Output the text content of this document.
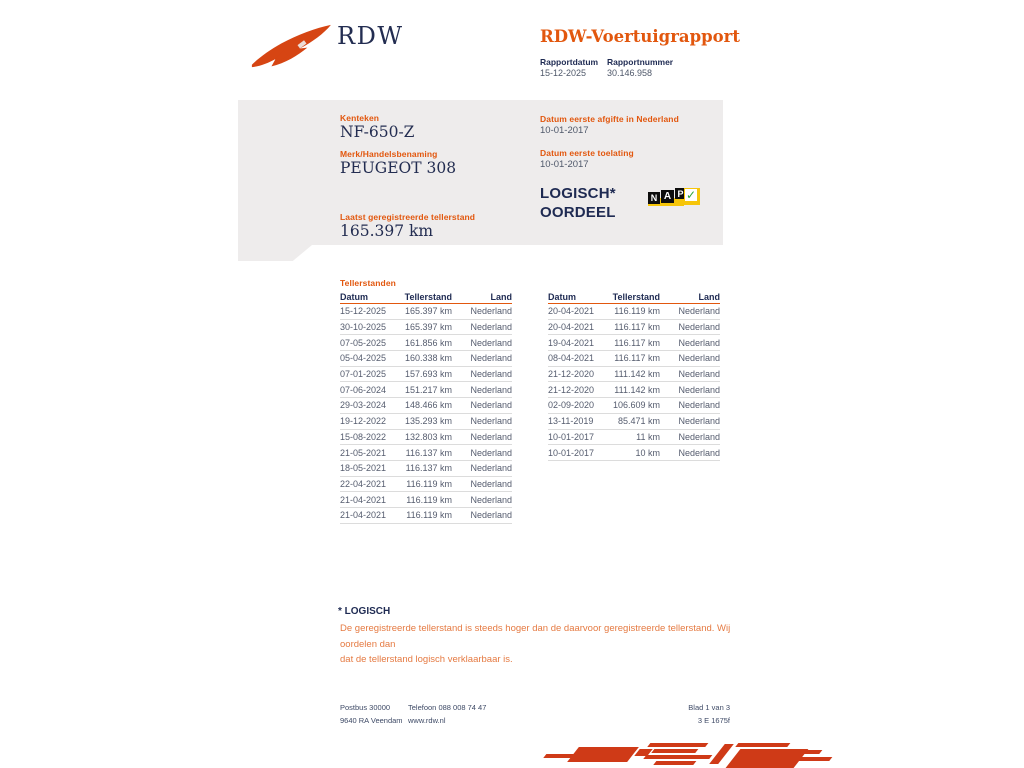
RDW	RDW-Voertuigrapport
Rapportdatum Rapportnummer
15-12-2025 30.146.958
Kenteken
NF-650-Z
Merk/Handelsbenaming
PEUGEOT 308
Laatst geregistreerde tellerstand
165.397 km
Datum eerste afgifte in Nederland
10-01-2017
Datum eerste toelating
10-01-2017
LOGISCH*
OORDEEL
N A P ✓
Tellerstanden
Datum	Tellerstand	Land
15-12-2025	165.397 km	Nederland
30-10-2025	165.397 km	Nederland
07-05-2025	161.856 km	Nederland
05-04-2025	160.338 km	Nederland
07-01-2025	157.693 km	Nederland
07-06-2024	151.217 km	Nederland
29-03-2024	148.466 km	Nederland
19-12-2022	135.293 km	Nederland
15-08-2022	132.803 km	Nederland
21-05-2021	116.137 km	Nederland
18-05-2021	116.137 km	Nederland
22-04-2021	116.119 km	Nederland
21-04-2021	116.119 km	Nederland
21-04-2021	116.119 km	Nederland
Datum	Tellerstand	Land
20-04-2021	116.119 km	Nederland
20-04-2021	116.117 km	Nederland
19-04-2021	116.117 km	Nederland
08-04-2021	116.117 km	Nederland
21-12-2020	111.142 km	Nederland
21-12-2020	111.142 km	Nederland
02-09-2020	106.609 km	Nederland
13-11-2019	85.471 km	Nederland
10-01-2017	11 km	Nederland
10-01-2017	10 km	Nederland
* LOGISCH
De geregistreerde tellerstand is steeds hoger dan de daarvoor geregistreerde tellerstand. Wij oordelen dan
dat de tellerstand logisch verklaarbaar is.
Postbus 30000
9640 RA Veendam
Telefoon 088 008 74 47
www.rdw.nl
Blad 1 van 3
3 E 1675f
